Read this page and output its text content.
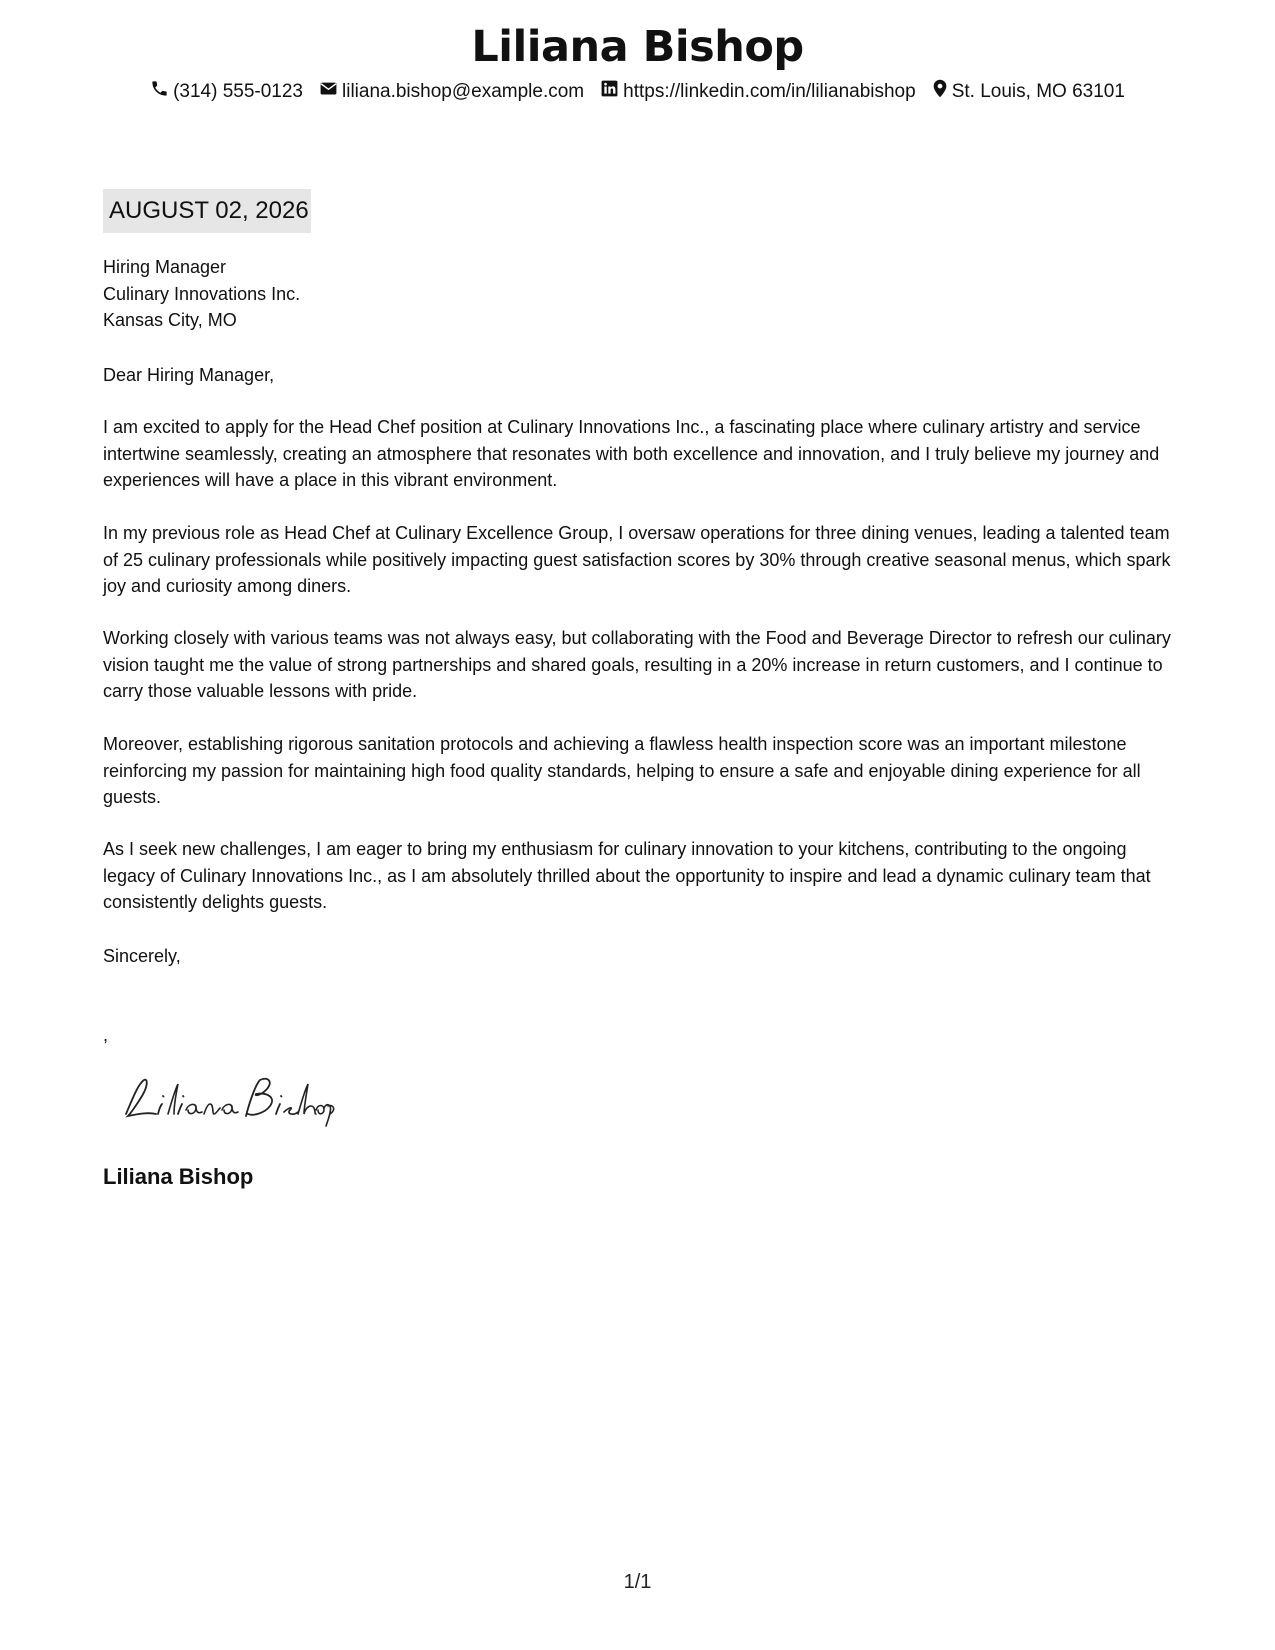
Liliana Bishop
(314) 555-0123 liliana.bishop@example.com https://linkedin.com/in/lilianabishop St. Louis, MO 63101
AUGUST 02, 2026
Hiring Manager
Culinary Innovations Inc.
Kansas City, MO
Dear Hiring Manager,

I am excited to apply for the Head Chef position at Culinary Innovations Inc., a fascinating place where culinary artistry and service intertwine seamlessly, creating an atmosphere that resonates with both excellence and innovation, and I truly believe my journey and experiences will have a place in this vibrant environment.

In my previous role as Head Chef at Culinary Excellence Group, I oversaw operations for three dining venues, leading a talented team of 25 culinary professionals while positively impacting guest satisfaction scores by 30% through creative seasonal menus, which spark joy and curiosity among diners.

Working closely with various teams was not always easy, but collaborating with the Food and Beverage Director to refresh our culinary vision taught me the value of strong partnerships and shared goals, resulting in a 20% increase in return customers, and I continue to carry those valuable lessons with pride.

Moreover, establishing rigorous sanitation protocols and achieving a flawless health inspection score was an important milestone reinforcing my passion for maintaining high food quality standards, helping to ensure a safe and enjoyable dining experience for all guests.

As I seek new challenges, I am eager to bring my enthusiasm for culinary innovation to your kitchens, contributing to the ongoing legacy of Culinary Innovations Inc., as I am absolutely thrilled about the opportunity to inspire and lead a dynamic culinary team that consistently delights guests.

Sincerely,
,
Liliana Bishop
1/1
